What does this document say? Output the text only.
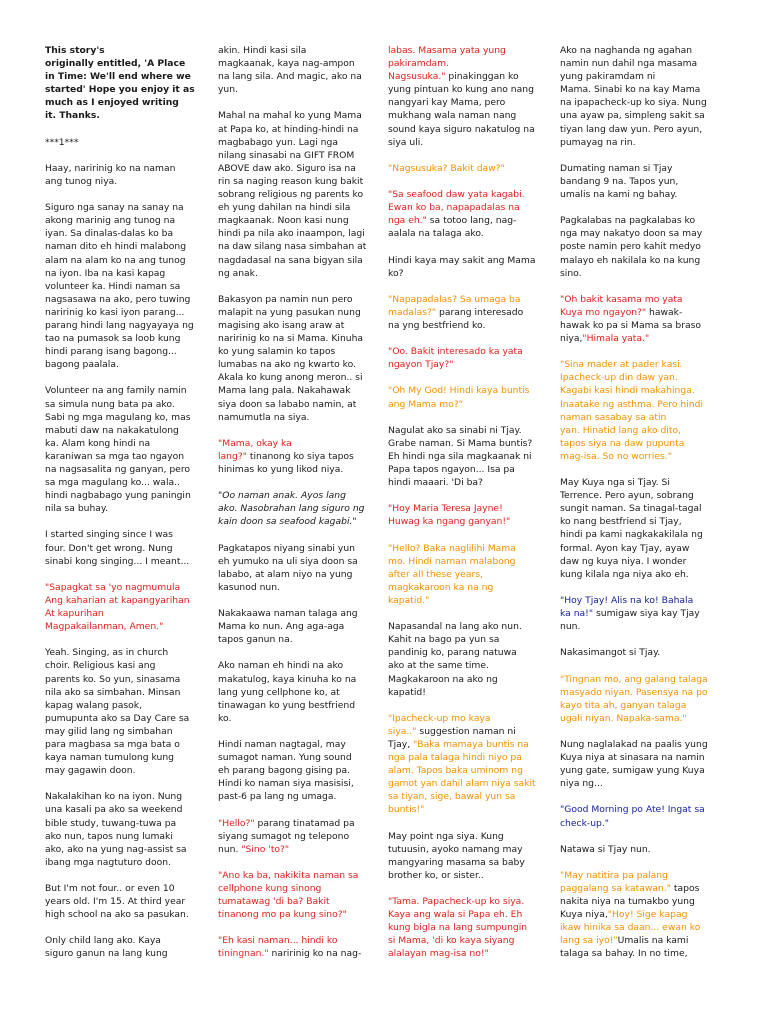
This story's
originally entitled, 'A Place
in Time: We'll end where we
started' Hope you enjoy it as
much as I enjoyed writing
it. Thanks.

***1***

Haay, naririnig ko na naman
ang tunog niya.

Siguro nga sanay na sanay na
akong marinig ang tunog na
iyan. Sa dinalas-dalas ko ba
naman dito eh hindi malabong
alam na alam ko na ang tunog
na iyon. Iba na kasi kapag
volunteer ka. Hindi naman sa
nagsasawa na ako, pero tuwing
naririnig ko kasi iyon parang...
parang hindi lang nagyayaya ng
tao na pumasok sa loob kung
hindi parang isang bagong...
bagong paalala.

Volunteer na ang family namin
sa simula nung bata pa ako.
Sabi ng mga magulang ko, mas
mabuti daw na nakakatulong
ka. Alam kong hindi na
karaniwan sa mga tao ngayon
na nagsasalita ng ganyan, pero
sa mga magulang ko... wala..
hindi nagbabago yung paningin
nila sa buhay.

I started singing since I was
four. Don't get wrong. Nung
sinabi kong singing... I meant...

"Sapagkat sa 'yo nagmumula
Ang kaharian at kapangyarihan
At kapurihan
Magpakailanman, Amen."

Yeah. Singing, as in church
choir. Religious kasi ang
parents ko. So yun, sinasama
nila ako sa simbahan. Minsan
kapag walang pasok,
pumupunta ako sa Day Care sa
may gilid lang ng simbahan
para magbasa sa mga bata o
kaya naman tumulong kung
may gagawin doon.

Nakalakihan ko na iyon. Nung
una kasali pa ako sa weekend
bible study, tuwang-tuwa pa
ako nun, tapos nung lumaki
ako, ako na yung nag-assist sa
ibang mga nagtuturo doon.

But I'm not four.. or even 10
years old. I'm 15. At third year
high school na ako sa pasukan.

Only child lang ako. Kaya
siguro ganun na lang kung

akin. Hindi kasi sila
magkaanak, kaya nag-ampon
na lang sila. And magic, ako na
yun.

Mahal na mahal ko yung Mama
at Papa ko, at hinding-hindi na
magbabago yun. Lagi nga
nilang sinasabi na GIFT FROM
ABOVE daw ako. Siguro isa na
rin sa naging reason kung bakit
sobrang religious ng parents ko
eh yung dahilan na hindi sila
magkaanak. Noon kasi nung
hindi pa nila ako inaampon, lagi
na daw silang nasa simbahan at
nagdadasal na sana bigyan sila
ng anak.

Bakasyon pa namin nun pero
malapit na yung pasukan nung
magising ako isang araw at
naririnig ko na si Mama. Kinuha
ko yung salamin ko tapos
lumabas na ako ng kwarto ko.
Akala ko kung anong meron.. si
Mama lang pala. Nakahawak
siya doon sa lababo namin, at
namumutla na siya.

"Mama, okay ka
lang?" tinanong ko siya tapos
hinimas ko yung likod niya.

"Oo naman anak. Ayos lang
ako. Nasobrahan lang siguro ng
kain doon sa seafood kagabi."

Pagkatapos niyang sinabi yun
eh yumuko na uli siya doon sa
lababo, at alam niyo na yung
kasunod nun.

Nakakaawa naman talaga ang
Mama ko nun. Ang aga-aga
tapos ganun na.

Ako naman eh hindi na ako
makatulog, kaya kinuha ko na
lang yung cellphone ko, at
tinawagan ko yung bestfriend
ko.

Hindi naman nagtagal, may
sumagot naman. Yung sound
eh parang bagong gising pa.
Hindi ko naman siya masisisi,
past-6 pa lang ng umaga.

"Hello?" parang tinatamad pa
siyang sumagot ng telepono
nun. "Sino 'to?"

"Ano ka ba, nakikita naman sa
cellphone kung sinong
tumatawag 'di ba? Bakit
tinanong mo pa kung sino?"

"Eh kasi naman... hindi ko
tiningnan." naririnig ko na nag-

labas. Masama yata yung
pakiramdam.
Nagsusuka." pinakinggan ko
yung pintuan ko kung ano nang
nangyari kay Mama, pero
mukhang wala naman nang
sound kaya siguro nakatulog na
siya uli.

"Nagsusuka? Bakit daw?"

"Sa seafood daw yata kagabi.
Ewan ko ba, napapadalas na
nga eh." sa totoo lang, nag-
aalala na talaga ako.

Hindi kaya may sakit ang Mama
ko?

"Napapadalas? Sa umaga ba
madalas?" parang interesado
na yng bestfriend ko.

"Oo. Bakit interesado ka yata
ngayon Tjay?"

"Oh My God! Hindi kaya buntis
ang Mama mo?"

Nagulat ako sa sinabi ni Tjay.
Grabe naman. Si Mama buntis?
Eh hindi nga sila magkaanak ni
Papa tapos ngayon... Isa pa
hindi maaari. 'Di ba?

"Hoy Maria Teresa Jayne!
Huwag ka ngang ganyan!"

"Hello? Baka naglilihi Mama
mo. Hindi naman malabong
after all these years,
magkakaroon ka na ng
kapatid."

Napasandal na lang ako nun.
Kahit na bago pa yun sa
pandinig ko, parang natuwa
ako at the same time.
Magkakaroon na ako ng
kapatid!

"Ipacheck-up mo kaya
siya.." suggestion naman ni
Tjay, "Baka mamaya buntis na
nga pala talaga hindi niyo pa
alam. Tapos baka uminom ng
gamot yan dahil alam niya sakit
sa tiyan, sige, bawal yun sa
buntis!"

May point nga siya. Kung
tutuusin, ayoko namang may
mangyaring masama sa baby
brother ko, or sister..

"Tama. Papacheck-up ko siya.
Kaya ang wala si Papa eh. Eh
kung bigla na lang sumpungin
si Mama, 'di ko kaya siyang
alalayan mag-isa no!"

Ako na naghanda ng agahan
namin nun dahil nga masama
yung pakiramdam ni
Mama. Sinabi ko na kay Mama
na ipapacheck-up ko siya. Nung
una ayaw pa, simpleng sakit sa
tiyan lang daw yun. Pero ayun,
pumayag na rin.

Dumating naman si Tjay
bandang 9 na. Tapos yun,
umalis na kami ng bahay.

Pagkalabas na pagkalabas ko
nga may nakatyo doon sa may
poste namin pero kahit medyo
malayo eh nakilala ko na kung
sino.

"Oh bakit kasama mo yata
Kuya mo ngayon?" hawak-
hawak ko pa si Mama sa braso
niya,"Himala yata."

"Sina mader at pader kasi.
Ipacheck-up din daw yan.
Kagabi kasi hindi makahinga.
Inaatake ng asthma. Pero hindi
naman sasabay sa atin
yan. Hinatid lang ako dito,
tapos siya na daw pupunta
mag-isa. So no worries."

May Kuya nga si Tjay. Si
Terrence. Pero ayun, sobrang
sungit naman. Sa tinagal-tagal
ko nang bestfriend si Tjay,
hindi pa kami nagkakakilala ng
formal. Ayon kay Tjay, ayaw
daw ng kuya niya. I wonder
kung kilala nga niya ako eh.

"Hoy Tjay! Alis na ko! Bahala
ka na!" sumigaw siya kay Tjay
nun.

Nakasimangot si Tjay.

"Tingnan mo, ang galang talaga
masyado niyan. Pasensya na po
kayo tita ah, ganyan talaga
ugali niyan. Napaka-sama."

Nung naglalakad na paalis yung
Kuya niya at sinasara na namin
yung gate, sumigaw yung Kuya
niya ng...

"Good Morning po Ate! Ingat sa
check-up."

Natawa si Tjay nun.

"May natitira pa palang
paggalang sa katawan." tapos
nakita niya na tumakbo yung
Kuya niya,"Hoy! Sige kapag
ikaw hinika sa daan... ewan ko
lang sa iyo!"Umalis na kami
talaga sa bahay. In no time,
